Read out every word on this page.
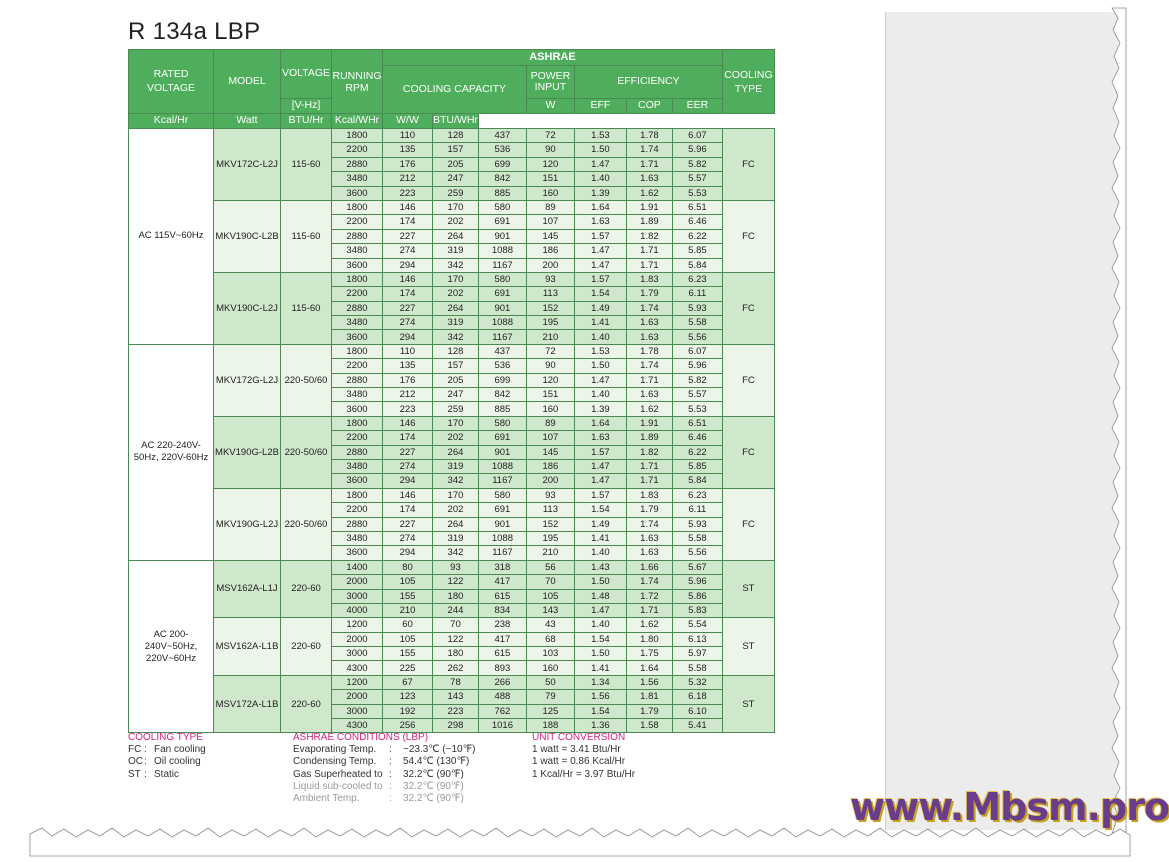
R 134a LBP
RATED VOLTAGE	MODEL	VOLTAGE	RUNNING RPM	ASHRAE							COOLING TYPE
				COOLING CAPACITY			POWER INPUT	EFFICIENCY			
		[V-Hz]					W	EFF	COP	EER	
Kcal/Hr	Watt	BTU/Hr	Kcal/WHr	W/W	BTU/WHr						
AC 115V~60Hz	MKV172C-L2J	115-60	1800	110	128	437	72	1.53	1.78	6.07	FC
			2200	135	157	536	90	1.50	1.74	5.96	
			2880	176	205	699	120	1.47	1.71	5.82	
			3480	212	247	842	151	1.40	1.63	5.57	
			3600	223	259	885	160	1.39	1.62	5.53	
	MKV190C-L2B	115-60	1800	146	170	580	89	1.64	1.91	6.51	FC
			2200	174	202	691	107	1.63	1.89	6.46	
			2880	227	264	901	145	1.57	1.82	6.22	
			3480	274	319	1088	186	1.47	1.71	5.85	
			3600	294	342	1167	200	1.47	1.71	5.84	
	MKV190C-L2J	115-60	1800	146	170	580	93	1.57	1.83	6.23	FC
			2200	174	202	691	113	1.54	1.79	6.11	
			2880	227	264	901	152	1.49	1.74	5.93	
			3480	274	319	1088	195	1.41	1.63	5.58	
			3600	294	342	1167	210	1.40	1.63	5.56	
AC 220-240V-50Hz, 220V-60Hz	MKV172G-L2J	220-50/60	1800	110	128	437	72	1.53	1.78	6.07	FC
			2200	135	157	536	90	1.50	1.74	5.96	
			2880	176	205	699	120	1.47	1.71	5.82	
			3480	212	247	842	151	1.40	1.63	5.57	
			3600	223	259	885	160	1.39	1.62	5.53	
	MKV190G-L2B	220-50/60	1800	146	170	580	89	1.64	1.91	6.51	FC
			2200	174	202	691	107	1.63	1.89	6.46	
			2880	227	264	901	145	1.57	1.82	6.22	
			3480	274	319	1088	186	1.47	1.71	5.85	
			3600	294	342	1167	200	1.47	1.71	5.84	
	MKV190G-L2J	220-50/60	1800	146	170	580	93	1.57	1.83	6.23	FC
			2200	174	202	691	113	1.54	1.79	6.11	
			2880	227	264	901	152	1.49	1.74	5.93	
			3480	274	319	1088	195	1.41	1.63	5.58	
			3600	294	342	1167	210	1.40	1.63	5.56	
AC 200-240V~50Hz, 220V~60Hz	MSV162A-L1J	220-60	1400	80	93	318	56	1.43	1.66	5.67	ST
			2000	105	122	417	70	1.50	1.74	5.96	
			3000	155	180	615	105	1.48	1.72	5.86	
			4000	210	244	834	143	1.47	1.71	5.83	
	MSV162A-L1B	220-60	1200	60	70	238	43	1.40	1.62	5.54	ST
			2000	105	122	417	68	1.54	1.80	6.13	
			3000	155	180	615	103	1.50	1.75	5.97	
			4300	225	262	893	160	1.41	1.64	5.58	
	MSV172A-L1B	220-60	1200	67	78	266	50	1.34	1.56	5.32	ST
			2000	123	143	488	79	1.56	1.81	6.18	
			3000	192	223	762	125	1.54	1.79	6.10	
			4300	256	298	1016	188	1.36	1.58	5.41	
COOLING TYPE
FC : Fan cooling
OC: Oil cooling
ST : Static
ASHRAE CONDITIONS (LBP)
Evaporating Temp. : −23.3℃ (−10℉)
Condensing Temp. : 54.4℃ (130℉)
Gas Superheated to : 32.2℃ (90℉)
Liquid sub-cooled to : 32.2℃ (90℉)
Ambient Temp.	: 32.2℃ (90℉)
UNIT CONVERSION
1 watt = 3.41 Btu/Hr
1 watt = 0.86 Kcal/Hr
1 Kcal/Hr = 3.97 Btu/Hr
www.Mbsm.pro
